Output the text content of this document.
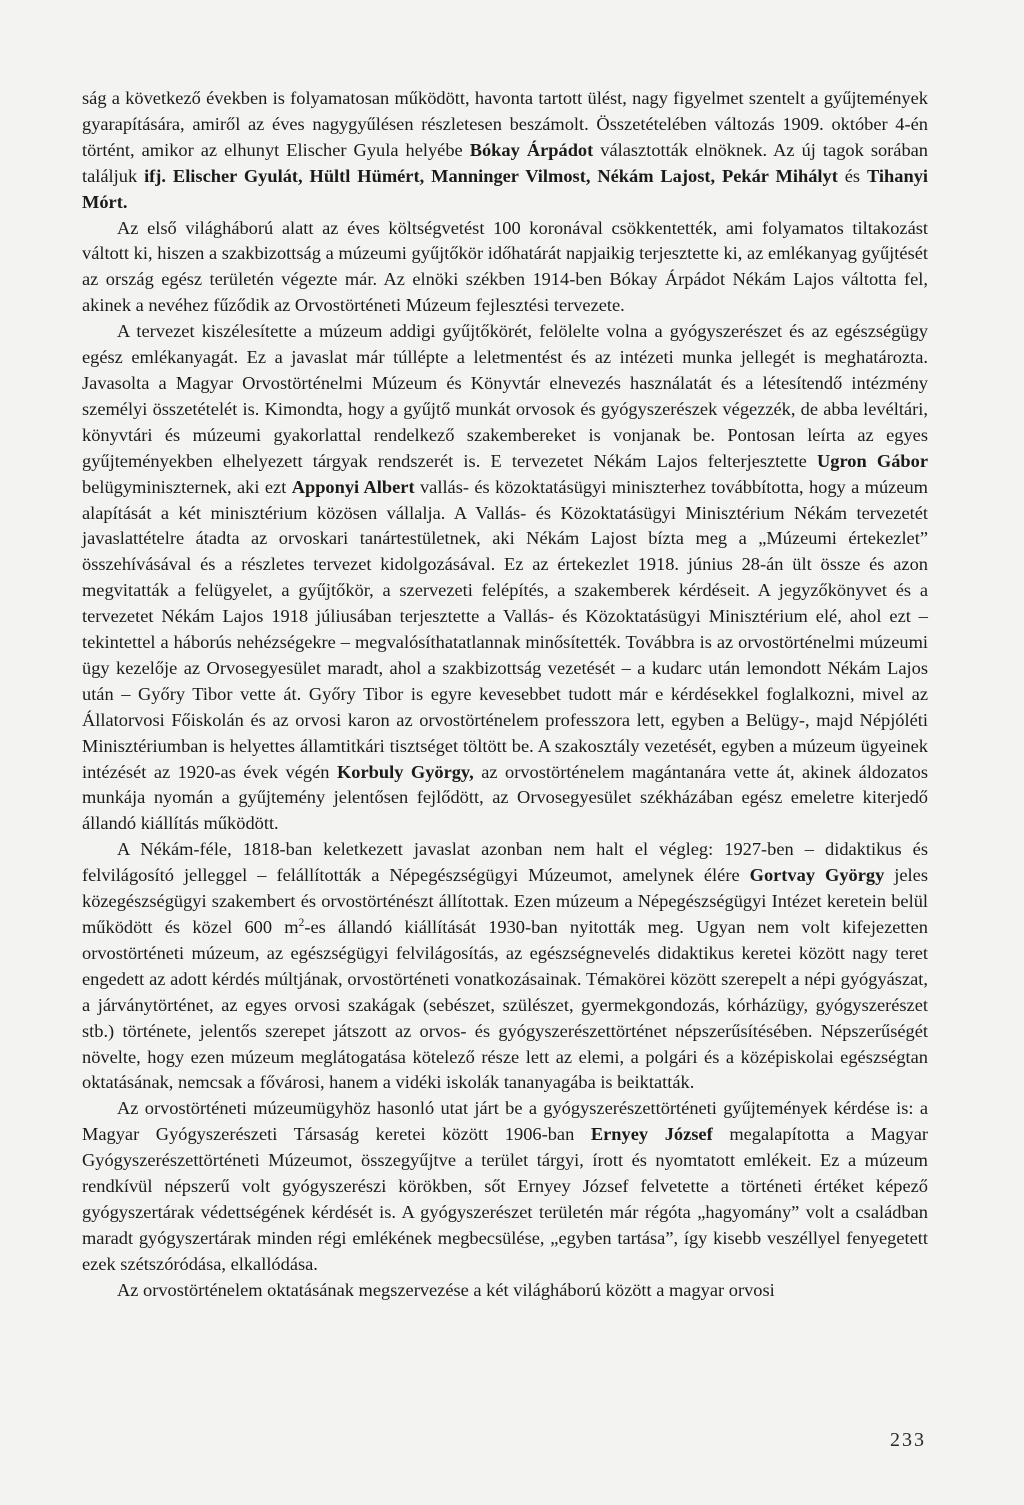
ság a következő években is folyamatosan működött, havonta tartott ülést, nagy figyelmet szentelt a gyűjtemények gyarapítására, amiről az éves nagygyűlésen részletesen beszámolt. Összetételében változás 1909. október 4-én történt, amikor az elhunyt Elischer Gyula helyébe Bókay Árpádot választották elnöknek. Az új tagok sorában találjuk ifj. Elischer Gyulát, Hültl Hümért, Manninger Vilmost, Nékám Lajost, Pekár Mihályt és Tihanyi Mórt.

Az első világháború alatt az éves költségvetést 100 koronával csökkentették, ami folyamatos tiltakozást váltott ki, hiszen a szakbizottság a múzeumi gyűjtőkör időhatárát napjaikig terjesztette ki, az emlékanyag gyűjtését az ország egész területén végezte már. Az elnöki székben 1914-ben Bókay Árpádot Nékám Lajos váltotta fel, akinek a nevéhez fűződik az Orvostörténeti Múzeum fejlesztési tervezete.

A tervezet kiszélesítette a múzeum addigi gyűjtőkörét, felölelte volna a gyógyszerészet és az egészségügy egész emlékanyagát. Ez a javaslat már túllépte a leletmentést és az intézeti munka jellegét is meghatározta. Javasolta a Magyar Orvostörténelmi Múzeum és Könyvtár elnevezés használatát és a létesítendő intézmény személyi összetételét is. Kimondta, hogy a gyűjtő munkát orvosok és gyógyszerészek végezzék, de abba levéltári, könyvtári és múzeumi gyakorlattal rendelkező szakembereket is vonjanak be. Pontosan leírta az egyes gyűjteményekben elhelyezett tárgyak rendszerét is. E tervezetet Nékám Lajos felterjesztette Ugron Gábor belügyminiszternek, aki ezt Apponyi Albert vallás- és közoktatásügyi miniszterhez továbbította, hogy a múzeum alapítását a két minisztérium közösen vállalja. A Vallás- és Közoktatásügyi Minisztérium Nékám tervezetét javaslattételre átadta az orvoskari tanártestületnek, aki Nékám Lajost bízta meg a „Múzeumi értekezlet” összehívásával és a részletes tervezet kidolgozásával. Ez az értekezlet 1918. június 28-án ült össze és azon megvitatták a felügyelet, a gyűjtőkör, a szervezeti felépítés, a szakemberek kérdéseit. A jegyzőkönyvet és a tervezetet Nékám Lajos 1918 júliusában terjesztette a Vallás- és Közoktatásügyi Minisztérium elé, ahol ezt – tekintettel a háborús nehézségekre – megvalósíthatatlannak minősítették. Továbbra is az orvostörténelmi múzeumi ügy kezelője az Orvosegyesület maradt, ahol a szakbizottság vezetését – a kudarc után lemondott Nékám Lajos után – Győry Tibor vette át. Győry Tibor is egyre kevesebbet tudott már e kérdésekkel foglalkozni, mivel az Állatorvosi Főiskolán és az orvosi karon az orvostörténelem professzora lett, egyben a Belügy-, majd Népjóléti Minisztériumban is helyettes államtitkári tisztséget töltött be. A szakosztály vezetését, egyben a múzeum ügyeinek intézését az 1920-as évek végén Korbuly György, az orvostörténelem magántanára vette át, akinek áldozatos munkája nyomán a gyűjtemény jelentősen fejlődött, az Orvosegyesület székházában egész emeletre kiterjedő állandó kiállítás működött.

A Nékám-féle, 1818-ban keletkezett javaslat azonban nem halt el végleg: 1927-ben – didaktikus és felvilágosító jelleggel – felállították a Népegészségügyi Múzeumot, amelynek élére Gortvay György jeles közegészségügyi szakembert és orvostörténészt állítottak. Ezen múzeum a Népegészségügyi Intézet keretein belül működött és közel 600 $m^2-es$ állandó kiállítását 1930-ban nyitották meg. Ugyan nem volt kifejezetten orvostörténeti múzeum, az egészségügyi felvilágosítás, az egészségnevelés didaktikus keretei között nagy teret engedett az adott kérdés múltjának, orvostörténeti vonatkozásainak. Témakörei között szerepelt a népi gyógyászat, a járványtörténet, az egyes orvosi szakágak (sebészet, szülészet, gyermekgondozás, kórházügy, gyógyszerészet stb.) története, jelentős szerepet játszott az orvos- és gyógyszerészettörténet népszerűsítésében. Népszerűségét növelte, hogy ezen múzeum meglátogatása kötelező része lett az elemi, a polgári és a középiskolai egészségtan oktatásának, nemcsak a fővárosi, hanem a vidéki iskolák tananyagába is beiktatták.

Az orvostörténeti múzeumügyhöz hasonló utat járt be a gyógyszerészettörténeti gyűjtemények kérdése is: a Magyar Gyógyszerészeti Társaság keretei között 1906-ban Ernyey József megalapította a Magyar Gyógyszerészettörténeti Múzeumot, összegyűjtve a terület tárgyi, írott és nyomtatott emlékeit. Ez a múzeum rendkívül népszerű volt gyógyszerészi körökben, sőt Ernyey József felvetette a történeti értéket képező gyógyszertárak védettségének kérdését is. A gyógyszerészet területén már régóta „hagyomány” volt a családban maradt gyógyszertárak minden régi emlékének megbecsülése, „egyben tartása”, így kisebb veszéllyel fenyegetett ezek szétszóródása, elkallódása.

Az orvostörténelem oktatásának megszervezése a két világháború között a magyar orvosi

233
